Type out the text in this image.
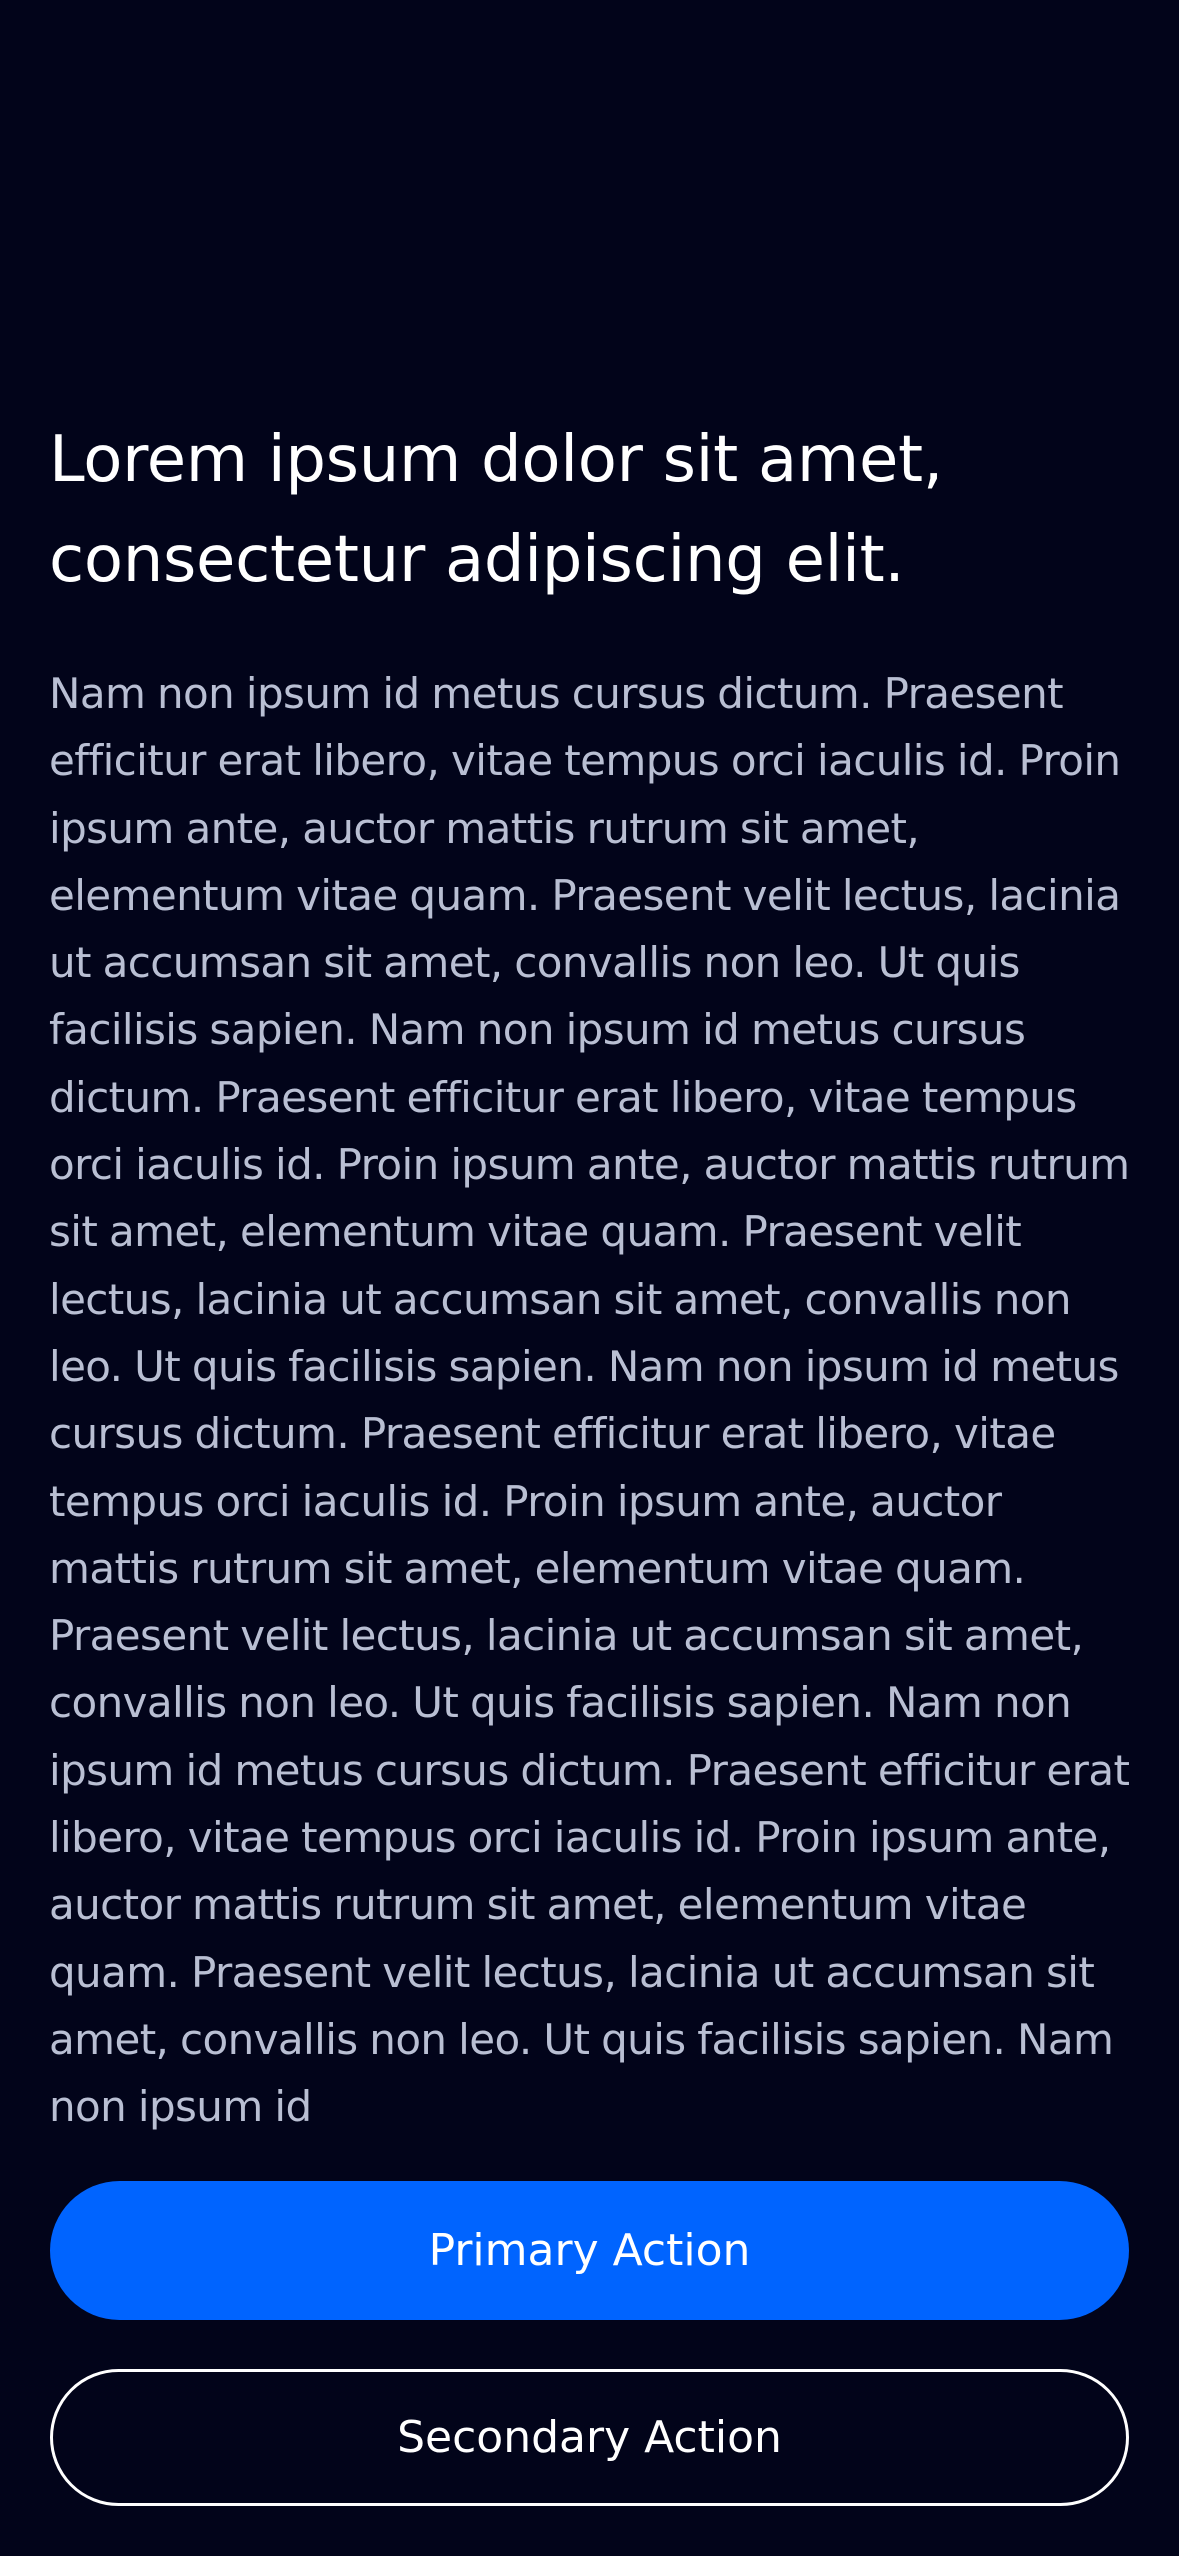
Lorem ipsum dolor sit amet, consectetur adipiscing elit.

Nam non ipsum id metus cursus dictum. Praesent efficitur erat libero, vitae tempus orci iaculis id. Proin ipsum ante, auctor mattis rutrum sit amet, elementum vitae quam. Praesent velit lectus, lacinia ut accumsan sit amet, convallis non leo. Ut quis facilisis sapien. Nam non ipsum id metus cursus dictum. Praesent efficitur erat libero, vitae tempus orci iaculis id. Proin ipsum ante, auctor mattis rutrum sit amet, elementum vitae quam. Praesent velit lectus, lacinia ut accumsan sit amet, convallis non leo. Ut quis facilisis sapien. Nam non ipsum id metus cursus dictum. Praesent efficitur erat libero, vitae tempus orci iaculis id. Proin ipsum ante, auctor mattis rutrum sit amet, elementum vitae quam. Praesent velit lectus, lacinia ut accumsan sit amet, convallis non leo. Ut quis facilisis sapien. Nam non ipsum id metus cursus dictum. Praesent efficitur erat libero, vitae tempus orci iaculis id. Proin ipsum ante, auctor mattis rutrum sit amet, elementum vitae quam. Praesent velit lectus, lacinia ut accumsan sit amet, convallis non leo. Ut quis facilisis sapien. Nam non ipsum id

Primary Action
Secondary Action
